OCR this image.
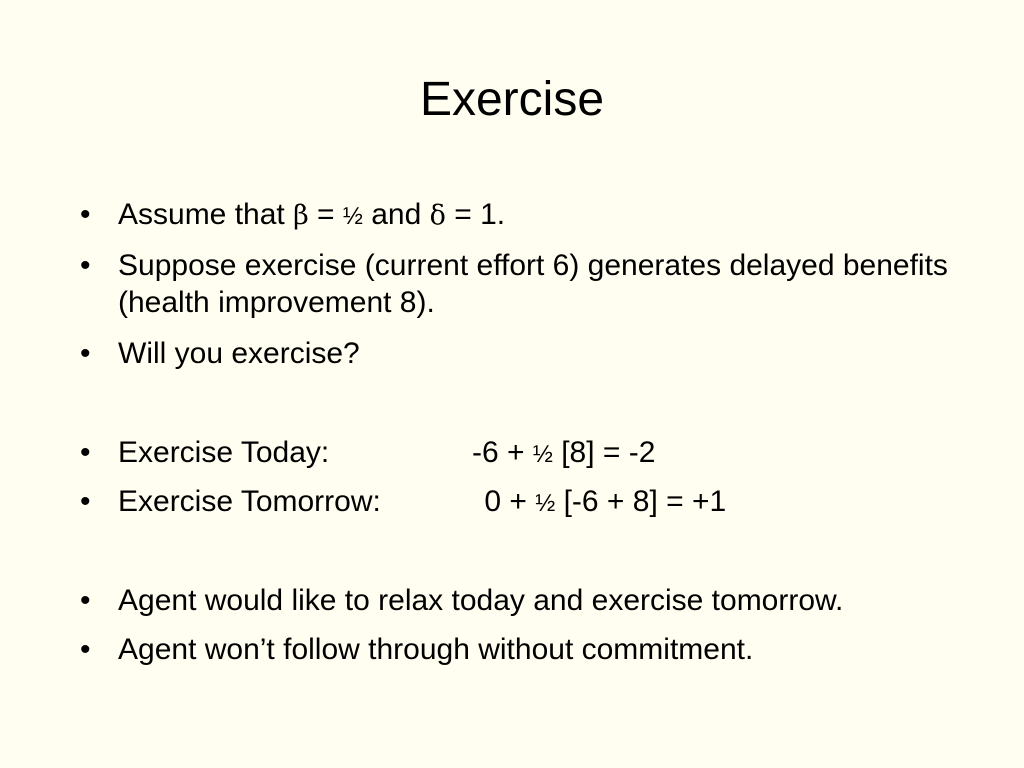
Exercise
• Assume that β = ½ and δ = 1.
• Suppose exercise (current effort 6) generates delayed benefits (health improvement 8).
• Will you exercise?
• Exercise Today:	-6 + ½ [8] = -2
• Exercise Tomorrow:	0 + ½ [-6 + 8] = +1
• Agent would like to relax today and exercise tomorrow.
• Agent won’t follow through without commitment.
